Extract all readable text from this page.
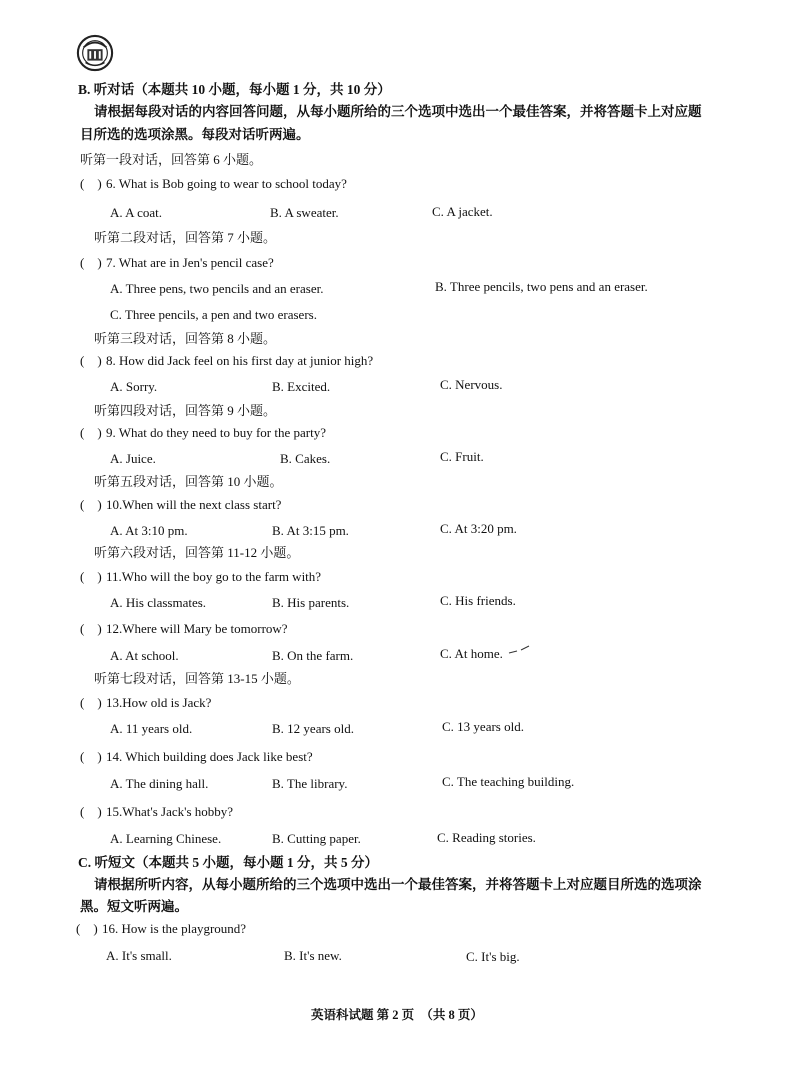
B. 听对话（本题共 10 小题，每小题 1 分，共 10 分）
请根据每段对话的内容回答问题，从每小题所给的三个选项中选出一个最佳答案，并将答题卡上对应题
目所选的选项涂黑。每段对话听两遍。
听第一段对话，回答第 6 小题。
(　) 6. What is Bob going to wear to school today?
A. A coat.	B. A sweater.	C. A jacket.
听第二段对话，回答第 7 小题。
(　) 7. What are in Jen's pencil case?
A. Three pens, two pencils and an eraser.	B. Three pencils, two pens and an eraser.
C. Three pencils, a pen and two erasers.
听第三段对话，回答第 8 小题。
(　) 8. How did Jack feel on his first day at junior high?
A. Sorry.	B. Excited.	C. Nervous.
听第四段对话，回答第 9 小题。
(　) 9. What do they need to buy for the party?
A. Juice.	B. Cakes.	C. Fruit.
听第五段对话，回答第 10 小题。
(　) 10.When will the next class start?
A. At 3:10 pm.	B. At 3:15 pm.	C. At 3:20 pm.
听第六段对话，回答第 11-12 小题。
(　) 11.Who will the boy go to the farm with?
A. His classmates.	B. His parents.	C. His friends.
(　) 12.Where will Mary be tomorrow?
A. At school.	B. On the farm.	C. At home.
听第七段对话，回答第 13-15 小题。
(　) 13.How old is Jack?
A. 11 years old.	B. 12 years old.	C. 13 years old.
(　) 14. Which building does Jack like best?
A. The dining hall.	B. The library.	C. The teaching building.
(　) 15.What's Jack's hobby?
A. Learning Chinese.	B. Cutting paper.	C. Reading stories.
C. 听短文（本题共 5 小题，每小题 1 分，共 5 分）
请根据所听内容，从每小题所给的三个选项中选出一个最佳答案，并将答题卡上对应题目所选的选项涂
黑。短文听两遍。
(　) 16. How is the playground?
A. It's small.	B. It's new.	C. It's big.
英语科试题 第 2 页　（共 8 页）
